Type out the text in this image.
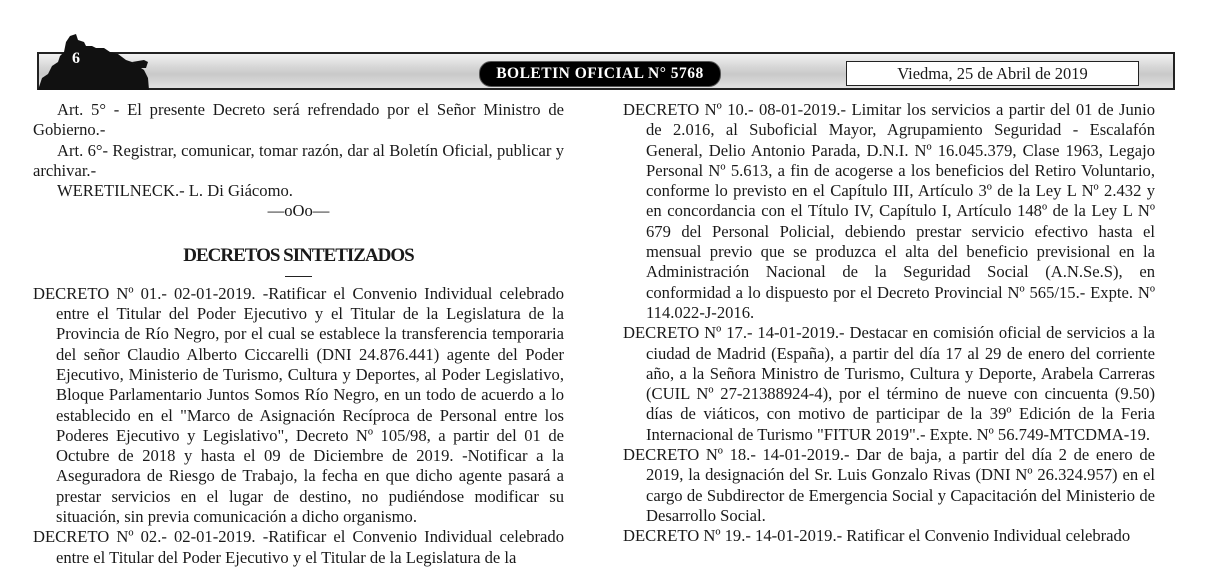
6
BOLETIN OFICIAL N° 5768	Viedma, 25 de Abril de 2019

Art. 5° - El presente Decreto será refrendado por el Señor Ministro de Gobierno.-

Art. 6°- Registrar, comunicar, tomar razón, dar al Boletín Oficial, publicar y archivar.-

WERETILNECK.- L. Di Giácomo.

—oOo—

DECRETOS SINTETIZADOS

DECRETO Nº 01.- 02-01-2019. -Ratificar el Convenio Individual celebrado entre el Titular del Poder Ejecutivo y el Titular de la Legislatura de la Provincia de Río Negro, por el cual se establece la transferencia temporaria del señor Claudio Alberto Ciccarelli (DNI 24.876.441) agente del Poder Ejecutivo, Ministerio de Turismo, Cultura y Deportes, al Poder Legislativo, Bloque Parlamentario Juntos Somos Río Negro, en un todo de acuerdo a lo establecido en el "Marco de Asignación Recíproca de Personal entre los Poderes Ejecutivo y Legislativo", Decreto Nº 105/98, a partir del 01 de Octubre de 2018 y hasta el 09 de Diciembre de 2019. -Notificar a la Aseguradora de Riesgo de Trabajo, la fecha en que dicho agente pasará a prestar servicios en el lugar de destino, no pudiéndose modificar su situación, sin previa comunicación a dicho organismo.

DECRETO Nº 02.- 02-01-2019. -Ratificar el Convenio Individual celebrado entre el Titular del Poder Ejecutivo y el Titular de la Legislatura de la

DECRETO Nº 10.- 08-01-2019.- Limitar los servicios a partir del 01 de Junio de 2.016, al Suboficial Mayor, Agrupamiento Seguridad - Escalafón General, Delio Antonio Parada, D.N.I. Nº 16.045.379, Clase 1963, Legajo Personal Nº 5.613, a fin de acogerse a los beneficios del Retiro Voluntario, conforme lo previsto en el Capítulo III, Artículo 3º de la Ley L Nº 2.432 y en concordancia con el Título IV, Capítulo I, Artículo 148º de la Ley L Nº 679 del Personal Policial, debiendo prestar servicio efectivo hasta el mensual previo que se produzca el alta del beneficio previsional en la Administración Nacional de la Seguridad Social (A.N.Se.S), en conformidad a lo dispuesto por el Decreto Provincial Nº 565/15.- Expte. Nº 114.022-J-2016.

DECRETO Nº 17.- 14-01-2019.- Destacar en comisión oficial de servicios a la ciudad de Madrid (España), a partir del día 17 al 29 de enero del corriente año, a la Señora Ministro de Turismo, Cultura y Deporte, Arabela Carreras (CUIL Nº 27-21388924-4), por el término de nueve con cincuenta (9.50) días de viáticos, con motivo de participar de la 39º Edición de la Feria Internacional de Turismo "FITUR 2019".- Expte. Nº 56.749-MTCDMA-19.

DECRETO Nº 18.- 14-01-2019.- Dar de baja, a partir del día 2 de enero de 2019, la designación del Sr. Luis Gonzalo Rivas (DNI Nº 26.324.957) en el cargo de Subdirector de Emergencia Social y Capacitación del Ministerio de Desarrollo Social.

DECRETO Nº 19.- 14-01-2019.- Ratificar el Convenio Individual celebrado
